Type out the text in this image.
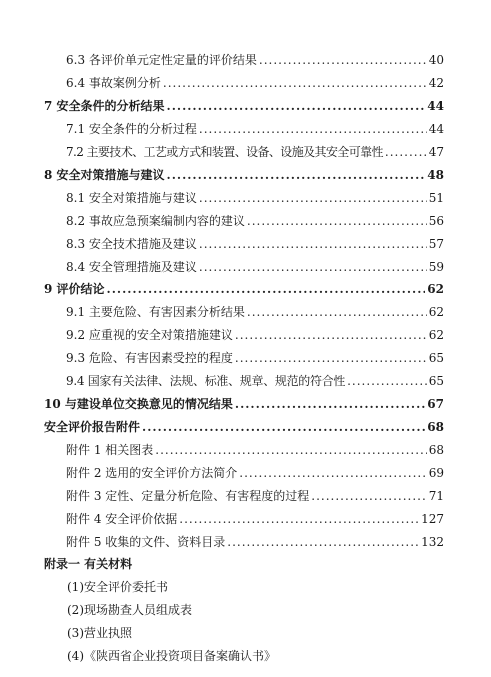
6.3 各评价单元定性定量的评价结果 .....	40
6.4 事故案例分析 .....	42
7 安全条件的分析结果 .....	44
7.1 安全条件的分析过程 .....	44
7.2 主要技术、工艺或方式和装置、设备、设施及其安全可靠性 .....	47
8 安全对策措施与建议 .....	48
8.1 安全对策措施与建议 .....	51
8.2 事故应急预案编制内容的建议 .....	56
8.3 安全技术措施及建议 .....	57
8.4 安全管理措施及建议 .....	59
9 评价结论 .....	62
9.1 主要危险、有害因素分析结果 .....	62
9.2 应重视的安全对策措施建议 .....	62
9.3 危险、有害因素受控的程度 .....	65
9.4 国家有关法律、法规、标准、规章、规范的符合性 .....	65
10 与建设单位交换意见的情况结果 .....	67
安全评价报告附件 .....	68
附件 1 相关图表 .....	68
附件 2 选用的安全评价方法简介 .....	69
附件 3 定性、定量分析危险、有害程度的过程 .....	71
附件 4 安全评价依据 .....	127
附件 5 收集的文件、资料目录 .....	132
附录一 有关材料
(1)安全评价委托书
(2)现场勘查人员组成表
(3)营业执照
(4)《陕西省企业投资项目备案确认书》
